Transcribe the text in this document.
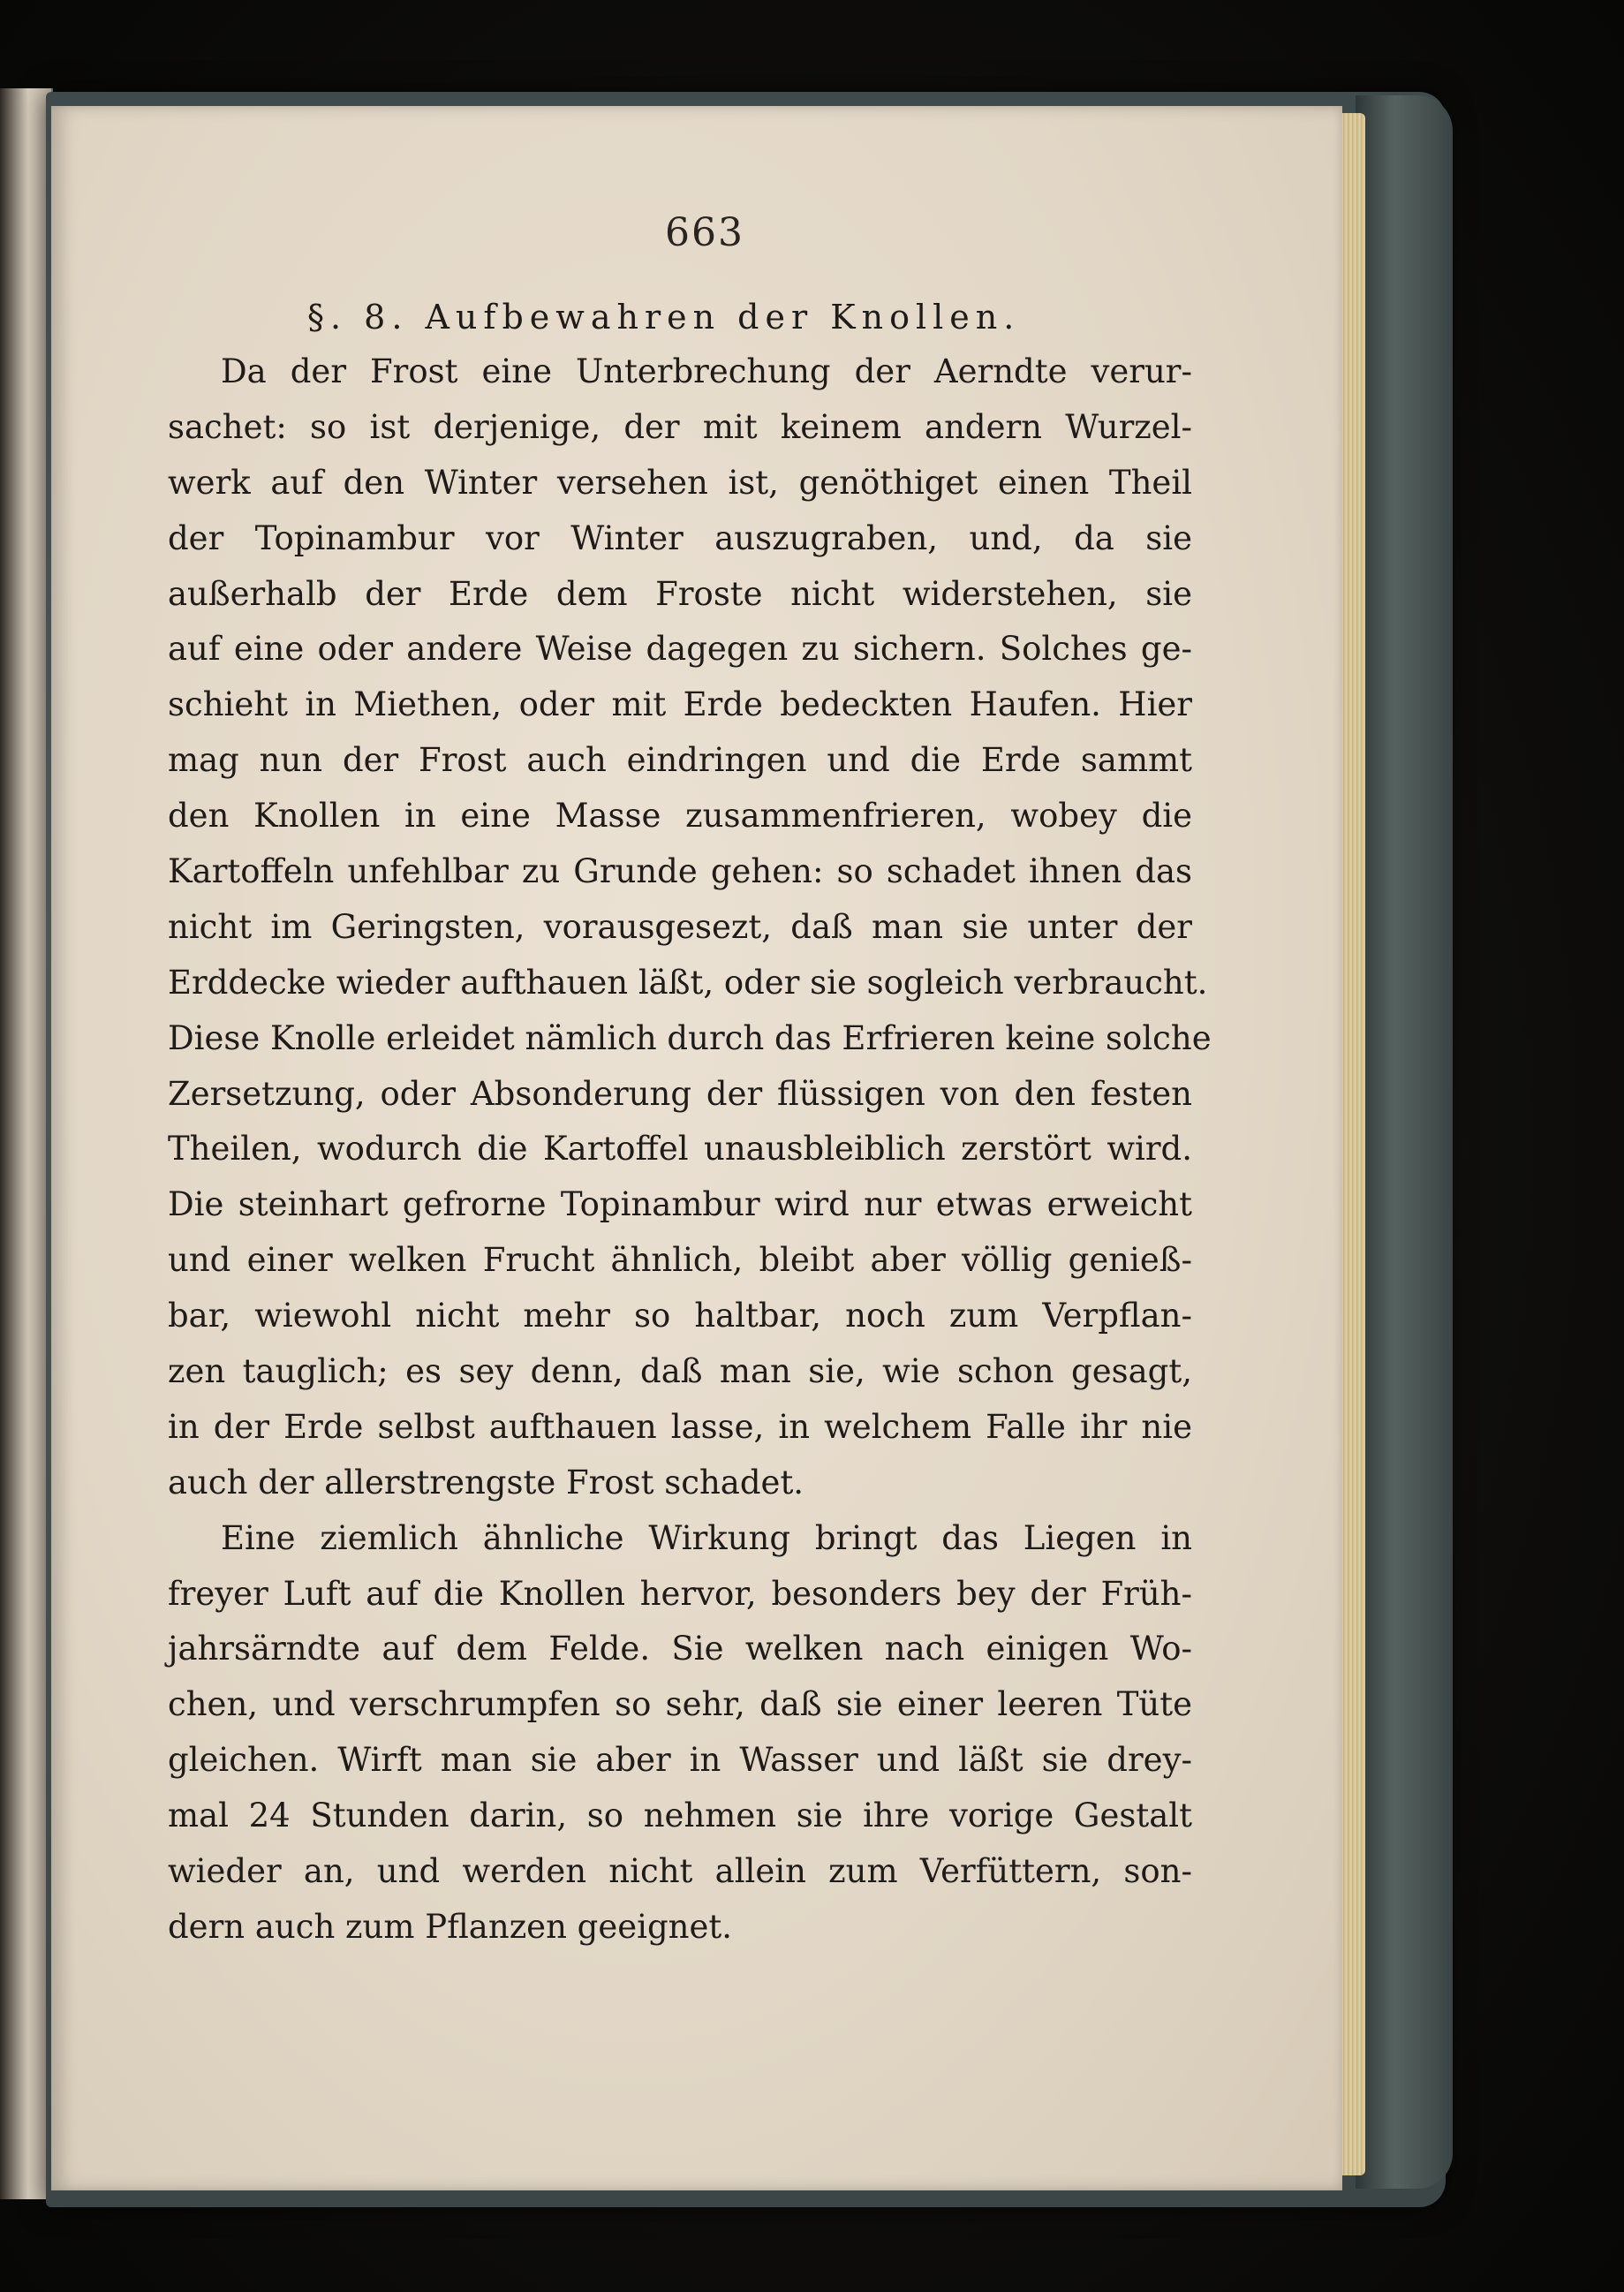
663
§. 8. Aufbewahren der Knollen.
Da der Frost eine Unterbrechung der Aerndte verur-
sachet: so ist derjenige, der mit keinem andern Wurzel-
werk auf den Winter versehen ist, genöthiget einen Theil
der Topinambur vor Winter auszugraben, und, da sie
außerhalb der Erde dem Froste nicht widerstehen, sie
auf eine oder andere Weise dagegen zu sichern. Solches ge-
schieht in Miethen, oder mit Erde bedeckten Haufen. Hier
mag nun der Frost auch eindringen und die Erde sammt
den Knollen in eine Masse zusammenfrieren, wobey die
Kartoffeln unfehlbar zu Grunde gehen: so schadet ihnen das
nicht im Geringsten, vorausgesezt, daß man sie unter der
Erddecke wieder aufthauen läßt, oder sie sogleich verbraucht.
Diese Knolle erleidet nämlich durch das Erfrieren keine solche
Zersetzung, oder Absonderung der flüssigen von den festen
Theilen, wodurch die Kartoffel unausbleiblich zerstört wird.
Die steinhart gefrorne Topinambur wird nur etwas erweicht
und einer welken Frucht ähnlich, bleibt aber völlig genieß-
bar, wiewohl nicht mehr so haltbar, noch zum Verpflan-
zen tauglich; es sey denn, daß man sie, wie schon gesagt,
in der Erde selbst aufthauen lasse, in welchem Falle ihr nie
auch der allerstrengste Frost schadet.
Eine ziemlich ähnliche Wirkung bringt das Liegen in
freyer Luft auf die Knollen hervor, besonders bey der Früh-
jahrsärndte auf dem Felde. Sie welken nach einigen Wo-
chen, und verschrumpfen so sehr, daß sie einer leeren Tüte
gleichen. Wirft man sie aber in Wasser und läßt sie drey-
mal 24 Stunden darin, so nehmen sie ihre vorige Gestalt
wieder an, und werden nicht allein zum Verfüttern, son-
dern auch zum Pflanzen geeignet.
